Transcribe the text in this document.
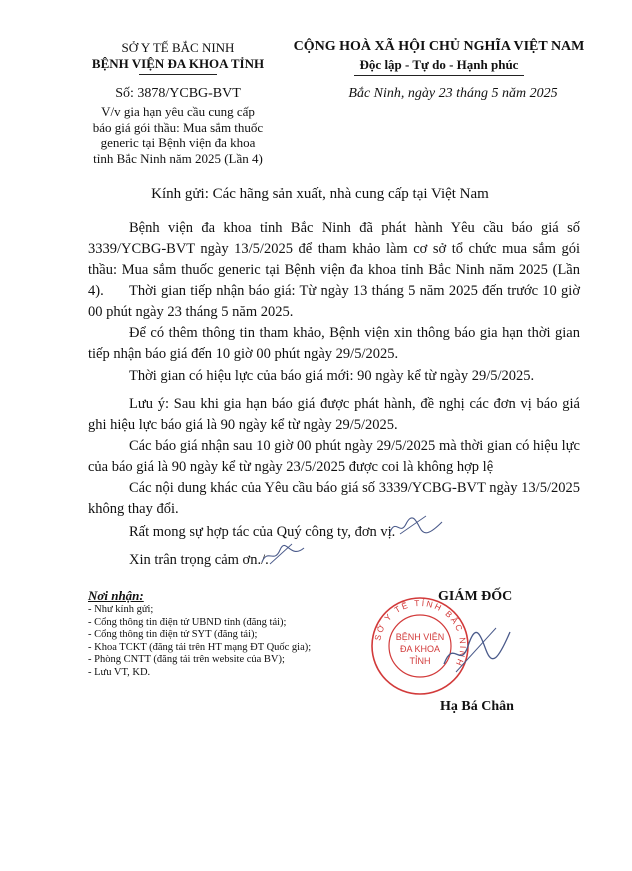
SỞ Y TẾ BẮC NINH
BỆNH VIỆN ĐA KHOA TỈNH
Số: 3878/YCBG-BVT
V/v gia hạn yêu cầu cung cấp
báo giá gói thầu: Mua sắm thuốc
generic tại Bệnh viện đa khoa
tỉnh Bắc Ninh năm 2025 (Lần 4)
CỘNG HOÀ XÃ HỘI CHỦ NGHĨA VIỆT NAM
Độc lập - Tự do - Hạnh phúc
Bắc Ninh, ngày 23 tháng 5 năm 2025
Kính gửi: Các hãng sản xuất, nhà cung cấp tại Việt Nam
Bệnh viện đa khoa tỉnh Bắc Ninh đã phát hành Yêu cầu báo giá số 3339/YCBG-BVT ngày 13/5/2025 để tham khảo làm cơ sở tổ chức mua sắm gói thầu: Mua sắm thuốc generic tại Bệnh viện đa khoa tỉnh Bắc Ninh năm 2025 (Lần 4).	Thời gian tiếp nhận báo giá: Từ ngày 13 tháng 5 năm 2025 đến trước 10 giờ 00 phút ngày 23 tháng 5 năm 2025.
Để có thêm thông tin tham khảo, Bệnh viện xin thông báo gia hạn thời gian tiếp nhận báo giá đến 10 giờ 00 phút ngày 29/5/2025.
Thời gian có hiệu lực của báo giá mới: 90 ngày kể từ ngày 29/5/2025.
Lưu ý: Sau khi gia hạn báo giá được phát hành, đề nghị các đơn vị báo giá ghi hiệu lực báo giá là 90 ngày kể từ ngày 29/5/2025.
Các báo giá nhận sau 10 giờ 00 phút ngày 29/5/2025 mà thời gian có hiệu lực của báo giá là 90 ngày kể từ ngày 23/5/2025 được coi là không hợp lệ
Các nội dung khác của Yêu cầu báo giá số 3339/YCBG-BVT ngày 13/5/2025 không thay đổi.
Rất mong sự hợp tác của Quý công ty, đơn vị.
Xin trân trọng cảm ơn./.
Nơi nhận:
- Như kính gửi;
- Cổng thông tin điện tử UBND tỉnh (đăng tải);
- Cổng thông tin điện tử SYT (đăng tải);
- Khoa TCKT (đăng tải trên HT mạng ĐT Quốc gia);
- Phòng CNTT (đăng tải trên website của BV);
- Lưu VT, KD.
GIÁM ĐỐC
SỞ Y TẾ TỈNH BẮC NINH
BỆNH VIỆN
ĐA KHOA
TỈNH
Hạ Bá Chân
